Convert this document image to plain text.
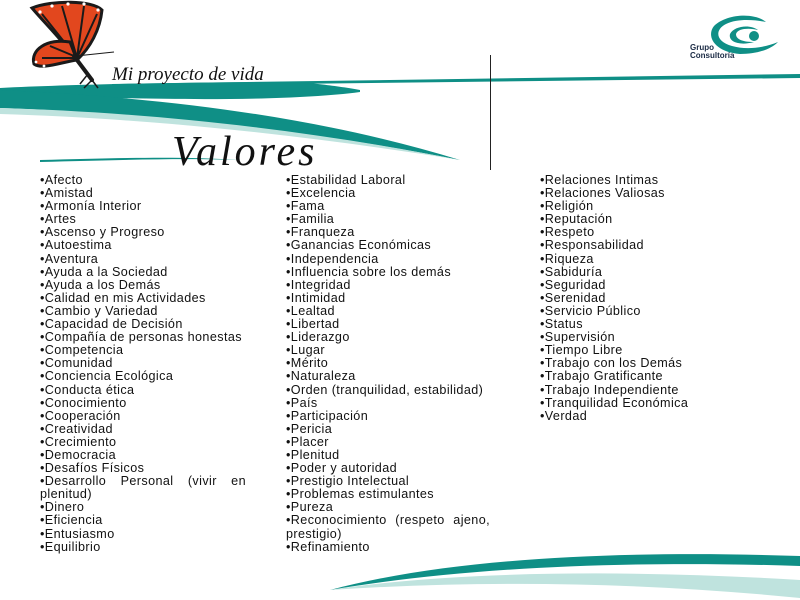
Mi proyecto de vida
Grupo
Consultoría
Valores
•Afecto
•Amistad
•Armonía Interior
•Artes
•Ascenso y Progreso
•Autoestima
•Aventura
•Ayuda a la Sociedad
•Ayuda a los Demás
•Calidad en mis Actividades
•Cambio y Variedad
•Capacidad de Decisión
•Compañía de personas honestas
•Competencia
•Comunidad
•Conciencia Ecológica
•Conducta ética
•Conocimiento
•Cooperación
•Creatividad
•Crecimiento
•Democracia
•Desafíos Físicos
•Desarrollo Personal (vivir en plenitud)
•Dinero
•Eficiencia
•Entusiasmo
•Equilibrio
•Estabilidad Laboral
•Excelencia
•Fama
•Familia
•Franqueza
•Ganancias Económicas
•Independencia
•Influencia sobre los demás
•Integridad
•Intimidad
•Lealtad
•Libertad
•Liderazgo
•Lugar
•Mérito
•Naturaleza
•Orden (tranquilidad, estabilidad)
•País
•Participación
•Pericia
•Placer
•Plenitud
•Poder y autoridad
•Prestigio Intelectual
•Problemas estimulantes
•Pureza
•Reconocimiento (respeto ajeno, prestigio)
•Refinamiento
•Relaciones Intimas
•Relaciones Valiosas
•Religión
•Reputación
•Respeto
•Responsabilidad
•Riqueza
•Sabiduría
•Seguridad
•Serenidad
•Servicio Público
•Status
•Supervisión
•Tiempo Libre
•Trabajo con los Demás
•Trabajo Gratificante
•Trabajo Independiente
•Tranquilidad Económica
•Verdad
